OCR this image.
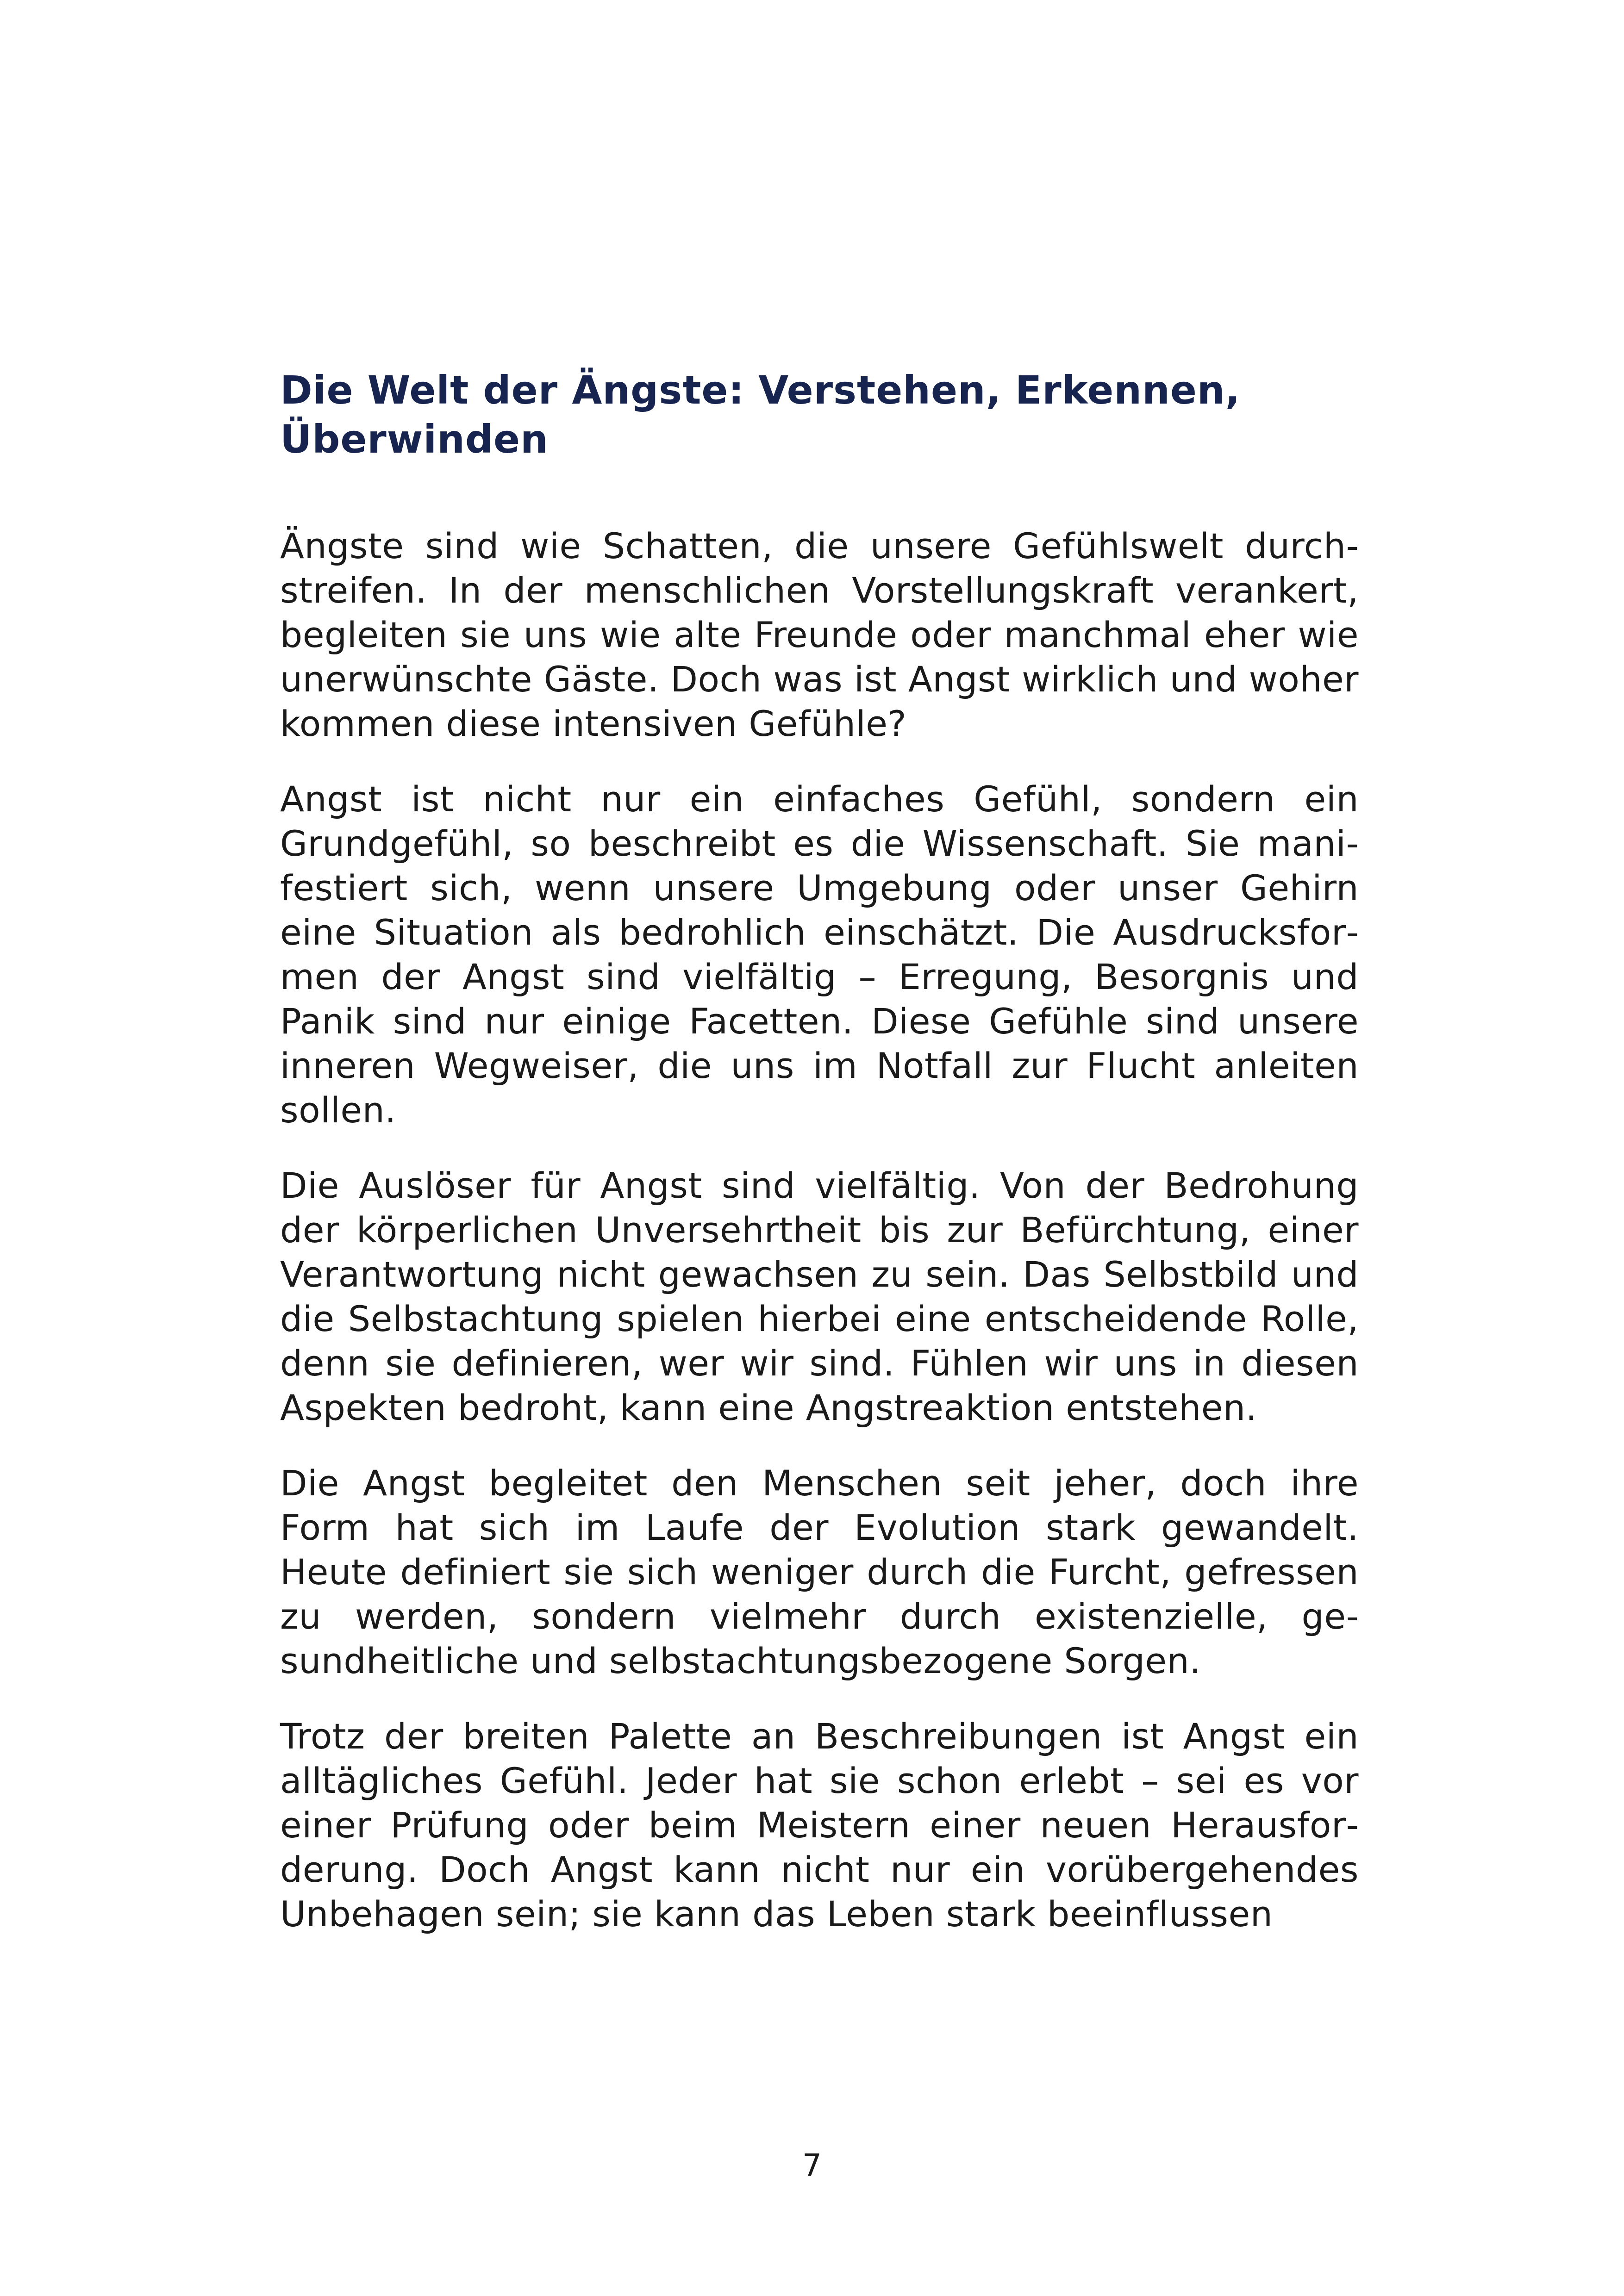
Die Welt der Ängste: Verstehen, Erkennen,
Überwinden

Ängste sind wie Schatten, die unsere Gefühlswelt durchstreifen. In der menschlichen Vorstellungskraft verankert, begleiten sie uns wie alte Freunde oder manchmal eher wie unerwünschte Gäste. Doch was ist Angst wirklich und woher kommen diese intensiven Gefühle?

Angst ist nicht nur ein einfaches Gefühl, sondern ein Grundgefühl, so beschreibt es die Wissenschaft. Sie manifestiert sich, wenn unsere Umgebung oder unser Gehirn eine Situation als bedrohlich einschätzt. Die Ausdrucksformen der Angst sind vielfältig – Erregung, Besorgnis und Panik sind nur einige Facetten. Diese Gefühle sind unsere inneren Wegweiser, die uns im Notfall zur Flucht anleiten sollen.

Die Auslöser für Angst sind vielfältig. Von der Bedrohung der körperlichen Unversehrtheit bis zur Befürchtung, einer Verantwortung nicht gewachsen zu sein. Das Selbstbild und die Selbstachtung spielen hierbei eine entscheidende Rolle, denn sie definieren, wer wir sind. Fühlen wir uns in diesen Aspekten bedroht, kann eine Angstreaktion entstehen.

Die Angst begleitet den Menschen seit jeher, doch ihre Form hat sich im Laufe der Evolution stark gewandelt. Heute definiert sie sich weniger durch die Furcht, gefressen zu werden, sondern vielmehr durch existenzielle, gesundheitliche und selbstachtungsbezogene Sorgen.

Trotz der breiten Palette an Beschreibungen ist Angst ein alltägliches Gefühl. Jeder hat sie schon erlebt – sei es vor einer Prüfung oder beim Meistern einer neuen Herausforderung. Doch Angst kann nicht nur ein vorübergehendes Unbehagen sein; sie kann das Leben stark beeinflussen

7
